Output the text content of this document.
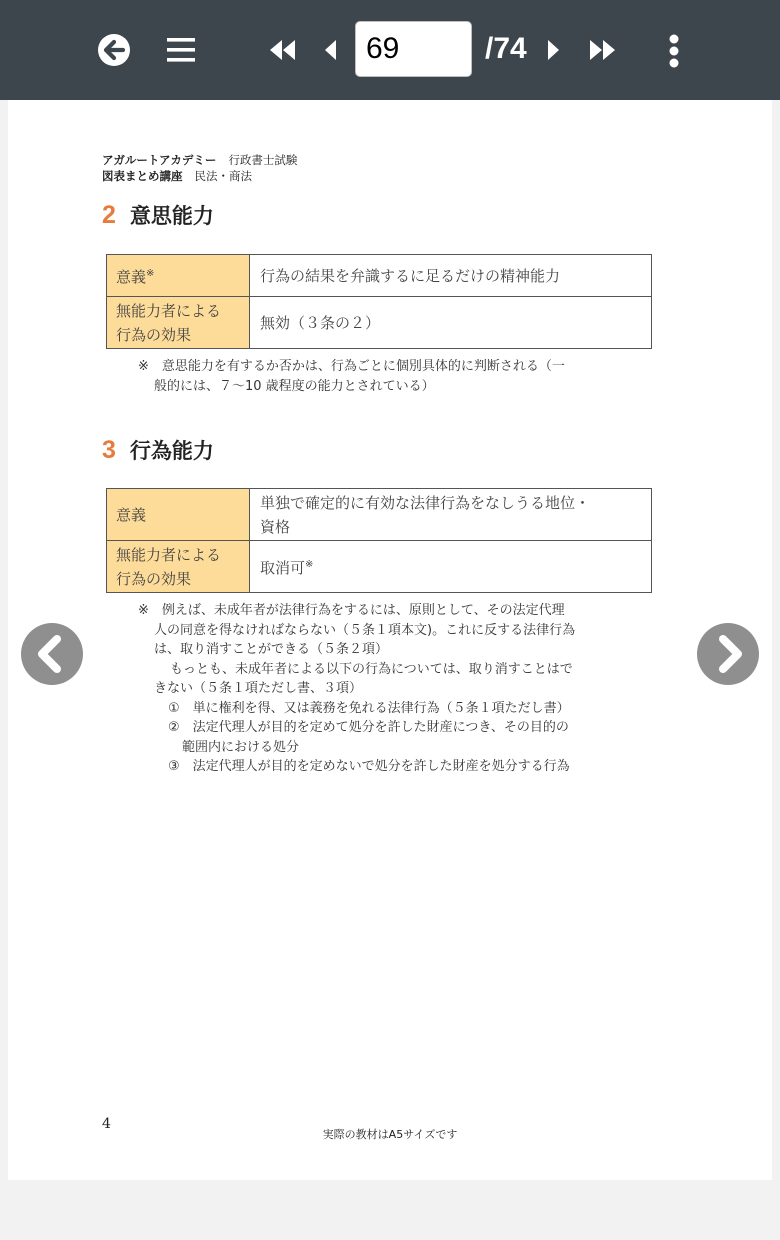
69
/74
アガルートアカデミー 行政書士試験
図表まとめ講座 民法・商法
2 意思能力
意義※	行為の結果を弁識するに足るだけの精神能力

無能力者による
行為の効果	無効（３条の２）
※　意思能力を有するか否かは、行為ごとに個別具体的に判断される（一
般的には、７～10 歳程度の能力とされている）
3 行為能力
意義	単独で確定的に有効な法律行為をなしうる地位・
資格

無能力者による
行為の効果	取消可※
※　例えば、未成年者が法律行為をするには、原則として、その法定代理
人の同意を得なければならない（５条１項本文)。これに反する法律行為
は、取り消すことができる（５条２項）
もっとも、未成年者による以下の行為については、取り消すことはで
きない（５条１項ただし書、３項）
①　単に権利を得、又は義務を免れる法律行為（５条１項ただし書）
②　法定代理人が目的を定めて処分を許した財産につき、その目的の
範囲内における処分
③　法定代理人が目的を定めないで処分を許した財産を処分する行為
4
実際の教材はA5サイズです
